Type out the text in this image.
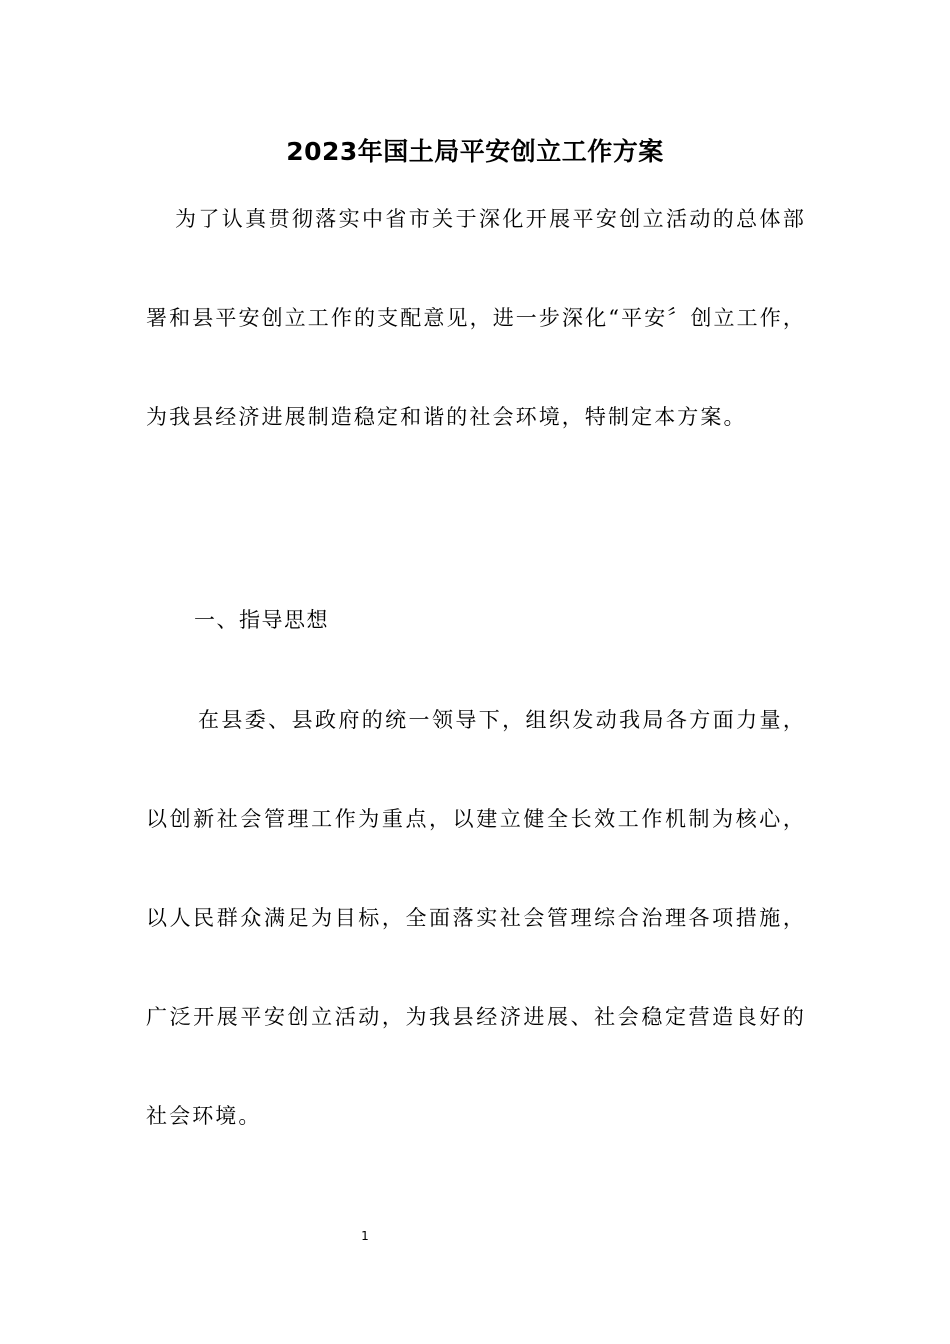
2023年国土局平安创立工作方案

为了认真贯彻落实中省市关于深化开展平安创立活动的总体部署和县平安创立工作的支配意见，进一步深化“平安〞创立工作，为我县经济进展制造稳定和谐的社会环境，特制定本方案。

一、指导思想

在县委、县政府的统一领导下，组织发动我局各方面力量，以创新社会管理工作为重点，以建立健全长效工作机制为核心，以人民群众满足为目标，全面落实社会管理综合治理各项措施，广泛开展平安创立活动，为我县经济进展、社会稳定营造良好的社会环境。

1
